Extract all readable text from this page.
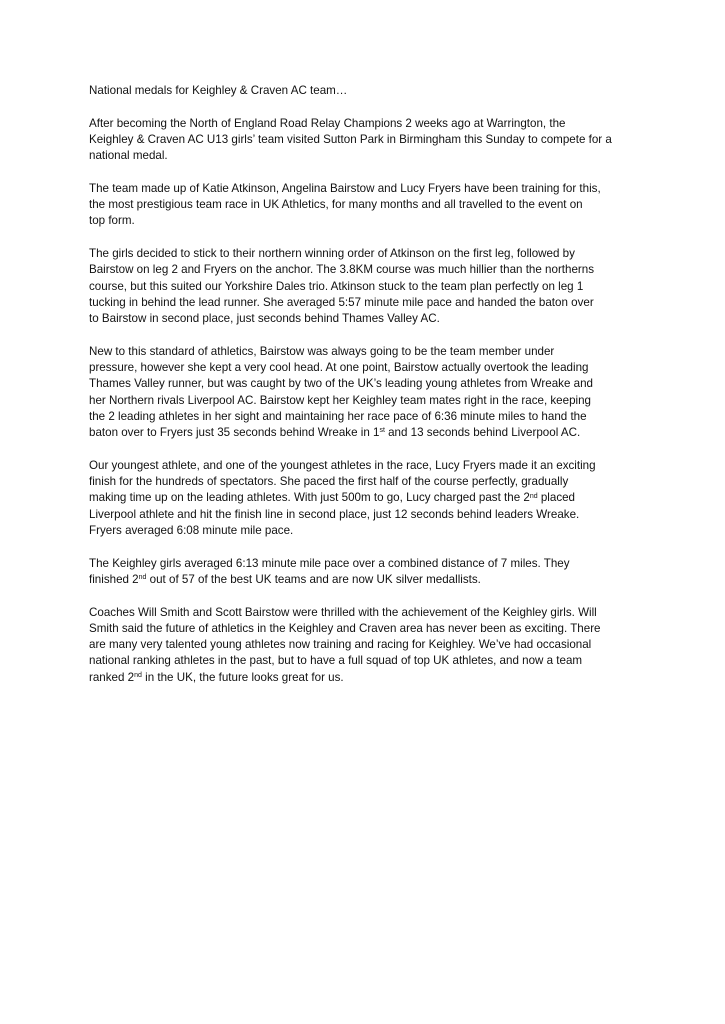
National medals for Keighley & Craven AC team…

After becoming the North of England Road Relay Champions 2 weeks ago at Warrington, the
Keighley & Craven AC U13 girls’ team visited Sutton Park in Birmingham this Sunday to compete for a
national medal.

The team made up of Katie Atkinson, Angelina Bairstow and Lucy Fryers have been training for this,
the most prestigious team race in UK Athletics, for many months and all travelled to the event on
top form.

The girls decided to stick to their northern winning order of Atkinson on the first leg, followed by
Bairstow on leg 2 and Fryers on the anchor. The 3.8KM course was much hillier than the northerns
course, but this suited our Yorkshire Dales trio. Atkinson stuck to the team plan perfectly on leg 1
tucking in behind the lead runner. She averaged 5:57 minute mile pace and handed the baton over
to Bairstow in second place, just seconds behind Thames Valley AC.

New to this standard of athletics, Bairstow was always going to be the team member under
pressure, however she kept a very cool head. At one point, Bairstow actually overtook the leading
Thames Valley runner, but was caught by two of the UK’s leading young athletes from Wreake and
her Northern rivals Liverpool AC. Bairstow kept her Keighley team mates right in the race, keeping
the 2 leading athletes in her sight and maintaining her race pace of 6:36 minute miles to hand the
baton over to Fryers just 35 seconds behind Wreake in 1st and 13 seconds behind Liverpool AC.

Our youngest athlete, and one of the youngest athletes in the race, Lucy Fryers made it an exciting
finish for the hundreds of spectators. She paced the first half of the course perfectly, gradually
making time up on the leading athletes. With just 500m to go, Lucy charged past the 2nd placed
Liverpool athlete and hit the finish line in second place, just 12 seconds behind leaders Wreake.
Fryers averaged 6:08 minute mile pace.

The Keighley girls averaged 6:13 minute mile pace over a combined distance of 7 miles. They
finished 2nd out of 57 of the best UK teams and are now UK silver medallists.

Coaches Will Smith and Scott Bairstow were thrilled with the achievement of the Keighley girls. Will
Smith said the future of athletics in the Keighley and Craven area has never been as exciting. There
are many very talented young athletes now training and racing for Keighley. We’ve had occasional
national ranking athletes in the past, but to have a full squad of top UK athletes, and now a team
ranked 2nd in the UK, the future looks great for us.
